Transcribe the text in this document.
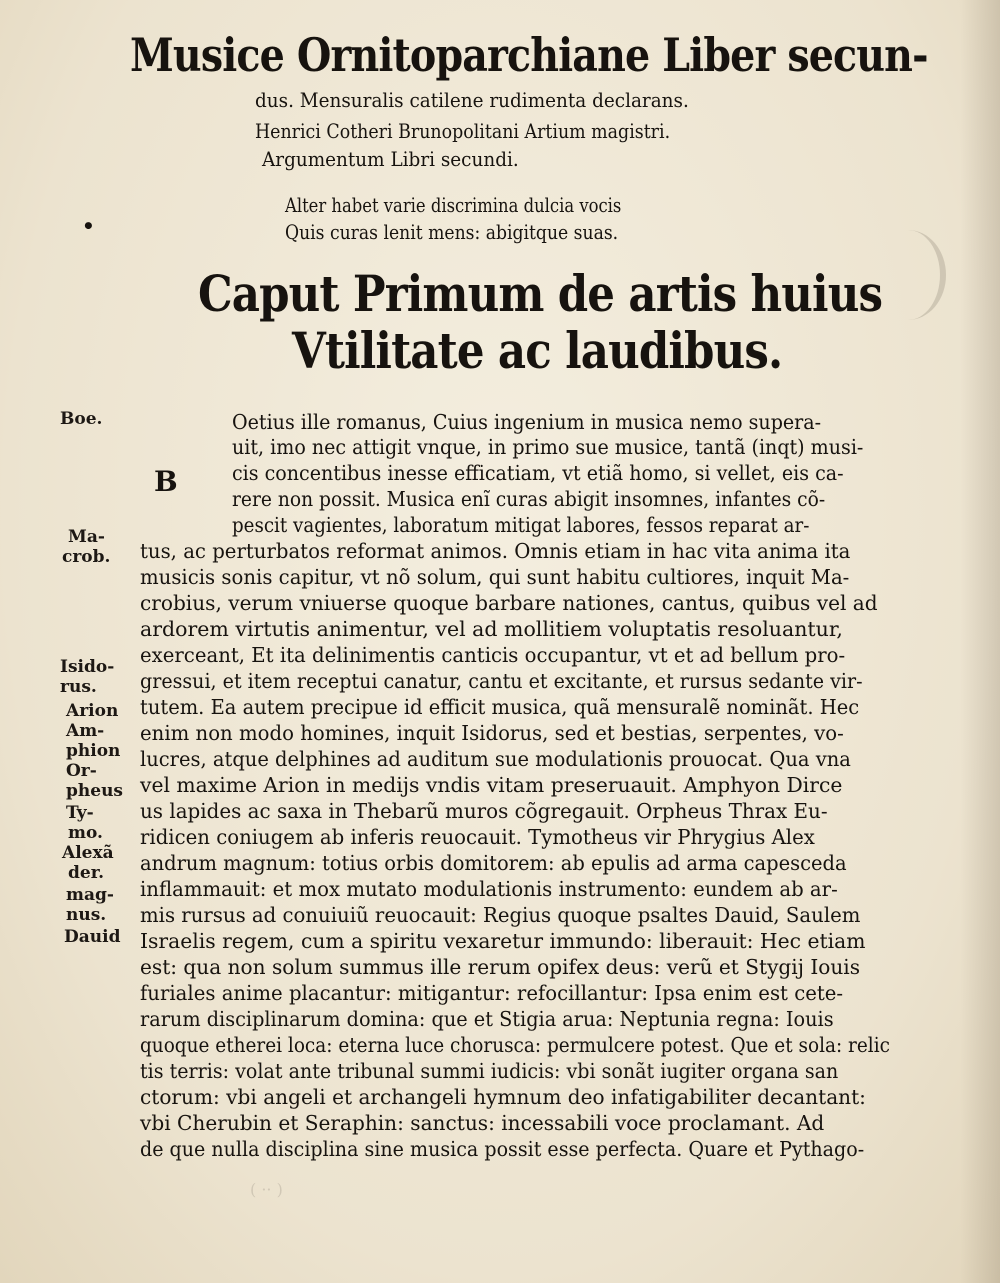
Musice Ornitoparchiane Liber secun-
dus. Mensuralis catilene rudimenta declarans.
Henrici Cotheri Brunopolitani Artium magistri.
Argumentum Libri secundi.
Alter habet varie discrimina dulcia vocis
Quis curas lenit mens: abigitque suas.
•
Caput Primum de artis huius
Vtilitate ac laudibus.
Boe.
Ma-
crob.
Isido-
rus.
Arion
Am-
phion
Or-
pheus
Ty-
mo.
Alexã
der.
mag-
nus.
Dauid
B
Oetius ille romanus, Cuius ingenium in musica nemo supera-
uit, imo nec attigit vnque, in primo sue musice, tantã (inqt) musi-
cis concentibus inesse efficatiam, vt etiã homo, si vellet, eis ca-
rere non possit. Musica enĩ curas abigit insomnes, infantes cõ-
pescit vagientes, laboratum mitigat labores, fessos reparat ar-
tus, ac perturbatos reformat animos. Omnis etiam in hac vita anima ita
musicis sonis capitur, vt nõ solum, qui sunt habitu cultiores, inquit Ma-
crobius, verum vniuerse quoque barbare nationes, cantus, quibus vel ad
ardorem virtutis animentur, vel ad mollitiem voluptatis resoluantur,
exerceant, Et ita delinimentis canticis occupantur, vt et ad bellum pro-
gressui, et item receptui canatur, cantu et excitante, et rursus sedante vir-
tutem. Ea autem precipue id efficit musica, quã mensuralẽ nominãt. Hec
enim non modo homines, inquit Isidorus, sed et bestias, serpentes, vo-
lucres, atque delphines ad auditum sue modulationis prouocat. Qua vna
vel maxime Arion in medijs vndis vitam preseruauit. Amphyon Dirce
us lapides ac saxa in Thebarũ muros cõgregauit. Orpheus Thrax Eu-
ridicen coniugem ab inferis reuocauit. Tymotheus vir Phrygius Alex
andrum magnum: totius orbis domitorem: ab epulis ad arma capesceda
inflammauit: et mox mutato modulationis instrumento: eundem ab ar-
mis rursus ad conuiuiũ reuocauit: Regius quoque psaltes Dauid, Saulem
Israelis regem, cum a spiritu vexaretur immundo: liberauit: Hec etiam
est: qua non solum summus ille rerum opifex deus: verũ et Stygij Iouis
furiales anime placantur: mitigantur: refocillantur: Ipsa enim est cete-
rarum disciplinarum domina: que et Stigia arua: Neptunia regna: Iouis
quoque etherei loca: eterna luce choruscа: permulcere potest. Que et sola: relic
tis terris: volat ante tribunal summi iudicis: vbi sonãt iugiter organa san
ctorum: vbi angeli et archangeli hymnum deo infatigabiliter decantant:
vbi Cherubin et Seraphin: sanctus: incessabili voce proclamant. Ad
de que nulla disciplina sine musica possit esse perfecta. Quare et Pythago-
( ·· )
